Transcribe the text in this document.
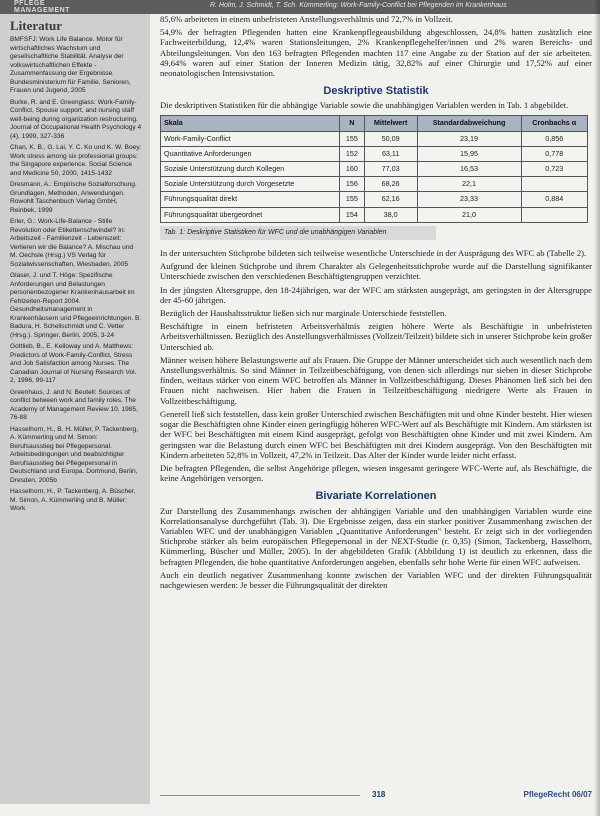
PFLEGE
MANAGEMENT
R. Holm, J. Schmidt, T. Sch. Kümmerling: Work-Family-Conflict bei Pflegenden im Krankenhaus
Literatur
BMFSFJ: Work Life Balance. Motor für wirtschaftliches Wachstum und gesellschaftliche Stabilität. Analyse der volkswirtschaftlichen Effekte - Zusammenfassung der Ergebnisse. Bundesministerium für Familie, Senioren, Frauen und Jugend, 2005
Burke, R. and E. Greenglass: Work-Family-Conflict, Spouse support, and nursing staff well-being during organization restructuring. Journal of Occupational Health Psychology 4 (4), 1999, 327-336
Chan, K. B., G. Lai, Y. C. Ko und K. W. Boey: Work stress among six professional groups: the Singapore experience. Social Science and Medicine 50, 2000, 1415-1432
Dresmann, A.: Empirische Sozialforschung. Grundlagen, Methoden, Anwendungen. Rowohlt Taschenbuch Verlag GmbH, Reinbek, 1999
Erler, G.: Work-Life-Balance - Stille Revolution oder Etikettenschwindel? In: Arbeitszeit - Familienzeit - Lebenszeit: Verlieren wir die Balance? A. Mischau und M. Oechsle (Hrsg.) VS Verlag für Sozialwissenschaften, Wiesbaden, 2005
Glaser, J. und T. Höge: Spezifische Anforderungen und Belastungen personenbezogener Krankenhausarbeit im Fehlzeiten-Report 2004. Gesundheitsmanagement in Krankenhäusern und Pflegeeinrichtungen. B. Badura, H. Schellschmidt und C. Vetter (Hrsg.). Springer, Berlin, 2005, 3-24
Gottlieb, B., E. Kelloway und A. Matthews: Predictors of Work-Family-Conflict, Stress and Job Satisfaction among Nurses. The Canadian Journal of Nursing Research Vol. 2, 1996, 99-117
Greenhaus, J. and N. Beutell: Sources of conflict between work and family roles. The Academy of Management Review 10, 1985, 76-88
Hasselhorn, H., B. H. Müller, P. Tackenberg, A. Kümmerling und M. Simon: Berufsausstieg bei Pflegepersonal. Arbeitsbedingungen und beabsichtigter Berufsausstieg bei Pflegepersonal in Deutschland und Europa. Dortmund, Berlin, Dresden, 2005b
Hasselhorn, H., P. Tackenberg, A. Büscher, M. Simon, A. Kümmerling und B. Müller: Work

85,6% arbeiteten in einem unbefristeten Anstellungsverhältnis und 72,7% in Vollzeit.

54,9% der befragten Pflegenden hatten eine Krankenpflegeausbildung abgeschlossen, 24,8% hatten zusätzlich eine Fachweiterbildung, 12,4% waren Stationsleitungen, 2% Krankenpflegehelfer/innen und 2% waren Bereichs- und Abteilungsleitungen. Von den 163 befragten Pflegenden machten 117 eine Angabe zu der Station auf der sie arbeiteten. 49,64% waren auf einer Station der Inneren Medizin tätig, 32,82% auf einer Chirurgie und 17,52% auf einer neonatologischen Intensivstation.

Deskriptive Statistik

Die deskriptiven Statistiken für die abhängige Variable sowie die unabhängigen Variablen werden in Tab. 1 abgebildet.

Skala	N	Mittelwert	Standardabweichung	Cronbachs α
Work-Family-Conflict	155	50,09	23,19	0,856
Quantitative Anforderungen	152	63,11	15,95	0,778
Soziale Unterstützung durch Kollegen	160	77,03	16,53	0,723
Soziale Unterstützung durch Vorgesetzte	156	68,26	22,1	
Führungsqualität direkt	155	62,16	23,33	0,884
Führungsqualität übergeordnet	154	38,0	21,0	
Tab. 1: Deskriptive Statistiken für WFC und die unabhängigen Variablen

In der untersuchten Stichprobe bildeten sich teilweise wesentliche Unterschiede in der Ausprägung des WFC ab (Tabelle 2).

Aufgrund der kleinen Stichprobe und ihrem Charakter als Gelegenheitsstichprobe wurde auf die Darstellung signifikanter Unterschiede zwischen den verschiedenen Beschäftigtengruppen verzichtet.

In der jüngsten Altersgruppe, den 18-24jährigen, war der WFC am stärksten ausgeprägt, am geringsten in der Altersgruppe der 45-60 jährigen.

Bezüglich der Haushaltsstruktur ließen sich nur marginale Unterschiede feststellen.

Beschäftigte in einem befristeten Arbeitsverhältnis zeigten höhere Werte als Beschäftigte in unbefristeten Arbeitsverhältnissen. Bezüglich des Anstellungsverhältnisses (Vollzeit/Teilzeit) bildete sich in unserer Stichprobe kein großer Unterschied ab.

Männer weisen höhere Belastungswerte auf als Frauen. Die Gruppe der Männer unterscheidet sich auch wesentlich nach dem Anstellungsverhältnis. So sind Männer in Teilzeitbeschäftigung, von denen sich allerdings nur sieben in dieser Stichprobe finden, weitaus stärker von einem WFC betroffen als Männer in Vollzeitbeschäftigung. Dieses Phänomen ließ sich bei den Frauen nicht nachweisen. Hier haben die Frauen in Teilzeitbeschäftigung niedrigere Werte als Frauen in Vollzeitbeschäftigung.

Generell ließ sich feststellen, dass kein großer Unterschied zwischen Beschäftigten mit und ohne Kinder besteht. Hier wiesen sogar die Beschäftigten ohne Kinder einen geringfügig höheren WFC-Wert auf als Beschäftigte mit Kindern. Am stärksten ist der WFC bei Beschäftigten mit einem Kind ausgeprägt, gefolgt von Beschäftigten ohne Kinder und mit zwei Kindern. Am geringsten war die Belastung durch einen WFC bei Beschäftigten mit drei Kindern ausgeprägt. Von den Beschäftigten mit Kindern arbeiteten 52,8% in Vollzeit, 47,2% in Teilzeit. Das Alter der Kinder wurde leider nicht erfasst.

Die befragten Pflegenden, die selbst Angehörige pflegen, wiesen insgesamt geringere WFC-Werte auf, als Beschäftigte, die keine Angehörigen versorgen.

Bivariate Korrelationen

Zur Darstellung des Zusammenhangs zwischen der abhängigen Variable und den unabhängigen Variablen wurde eine Korrelationsanalyse durchgeführt (Tab. 3). Die Ergebnisse zeigen, dass ein starker positiver Zusammenhang zwischen der Variablen WFC und der unabhängigen Variablen „Quantitative Anforderungen" besteht. Er zeigt sich in der vorliegenden Stichprobe stärker als beim europäischen Pflegepersonal in der NEXT-Studie (r. 0,35) (Simon, Tackenberg, Hasselhorn, Kümmerling, Büscher und Müller, 2005). In der abgebildeten Grafik (Abbildung 1) ist deutlich zu erkennen, dass die befragten Pflegenden, die hohe quantitative Anforderungen angeben, ebenfalls sehr hohe Werte für einen WFC aufweisen.

Auch ein deutlich negativer Zusammenhang konnte zwischen der Variablen WFC und der direkten Führungsqualität nachgewiesen werden: Je besser die Führungsqualität der direkten

318	PflegeRecht 06/07
